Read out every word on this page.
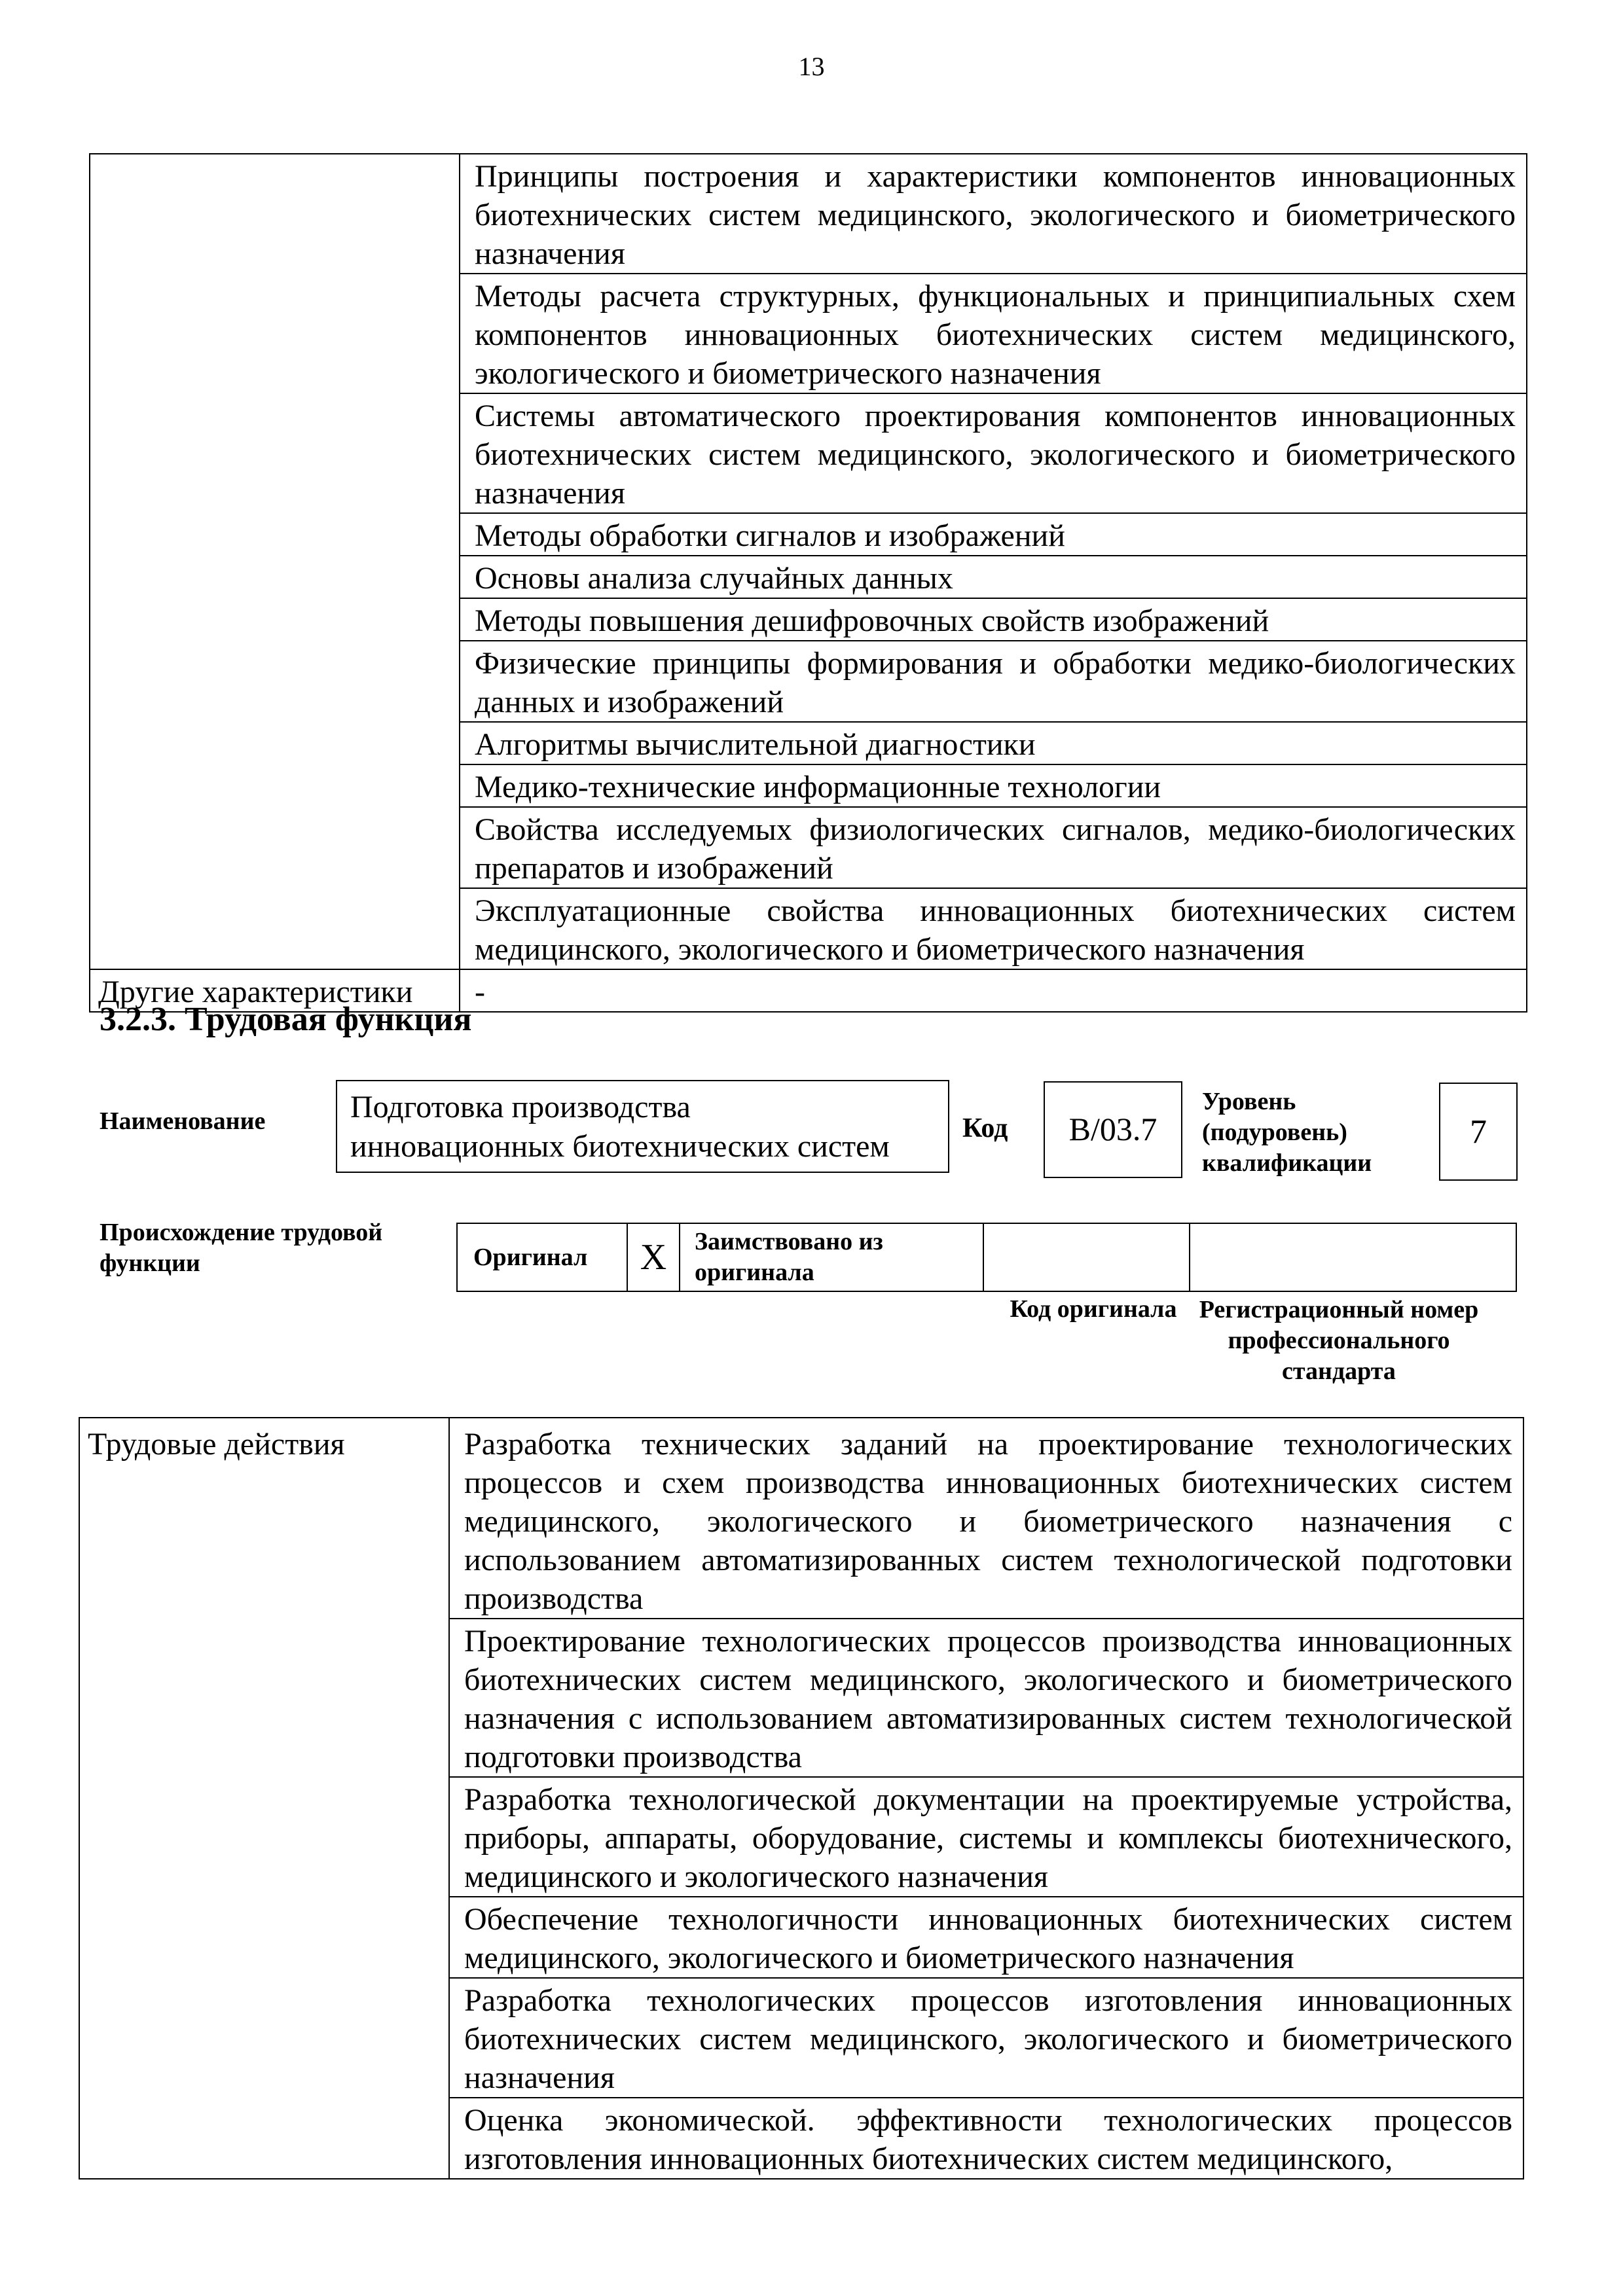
13
	Принципы построения и характеристики компонентов инновационных биотехнических систем медицинского, экологического и биометрического назначения
	Методы расчета структурных, функциональных и принципиальных схем компонентов инновационных биотехнических систем медицинского, экологического и биометрического назначения
	Системы автоматического проектирования компонентов инновационных биотехнических систем медицинского, экологического и биометрического назначения
	Методы обработки сигналов и изображений
	Основы анализа случайных данных
	Методы повышения дешифровочных свойств изображений
	Физические принципы формирования и обработки медико-биологических данных и изображений
	Алгоритмы вычислительной диагностики
	Медико-технические информационные технологии
	Свойства исследуемых физиологических сигналов, медико-биологических препаратов и изображений
	Эксплуатационные свойства инновационных биотехнических систем медицинского, экологического и биометрического назначения
Другие характеристики	-
3.2.3. Трудовая функция
Наименование	Подготовка производства
инновационных биотехнических систем
Код	B/03.7
Уровень
(подуровень)
квалификации
7
Происхождение трудовой
функции	Оригинал	X	Заимствовано из
оригинала

Код оригинала Регистрационный номер
профессионального
стандарта
Трудовые действия	Разработка технических заданий на проектирование технологических процессов и схем производства инновационных биотехнических систем медицинского, экологического и биометрического назначения с использованием автоматизированных систем технологической подготовки производства
Проектирование технологических процессов производства инновационных биотехнических систем медицинского, экологического и биометрического назначения с использованием автоматизированных систем технологической подготовки производства
Разработка технологической документации на проектируемые устройства, приборы, аппараты, оборудование, системы и комплексы биотехнического, медицинского и экологического назначения
Обеспечение технологичности инновационных биотехнических систем медицинского, экологического и биометрического назначения
Разработка технологических процессов изготовления инновационных биотехнических систем медицинского, экологического и биометрического назначения
Оценка экономической. эффективности технологических процессов изготовления инновационных биотехнических систем медицинского,
